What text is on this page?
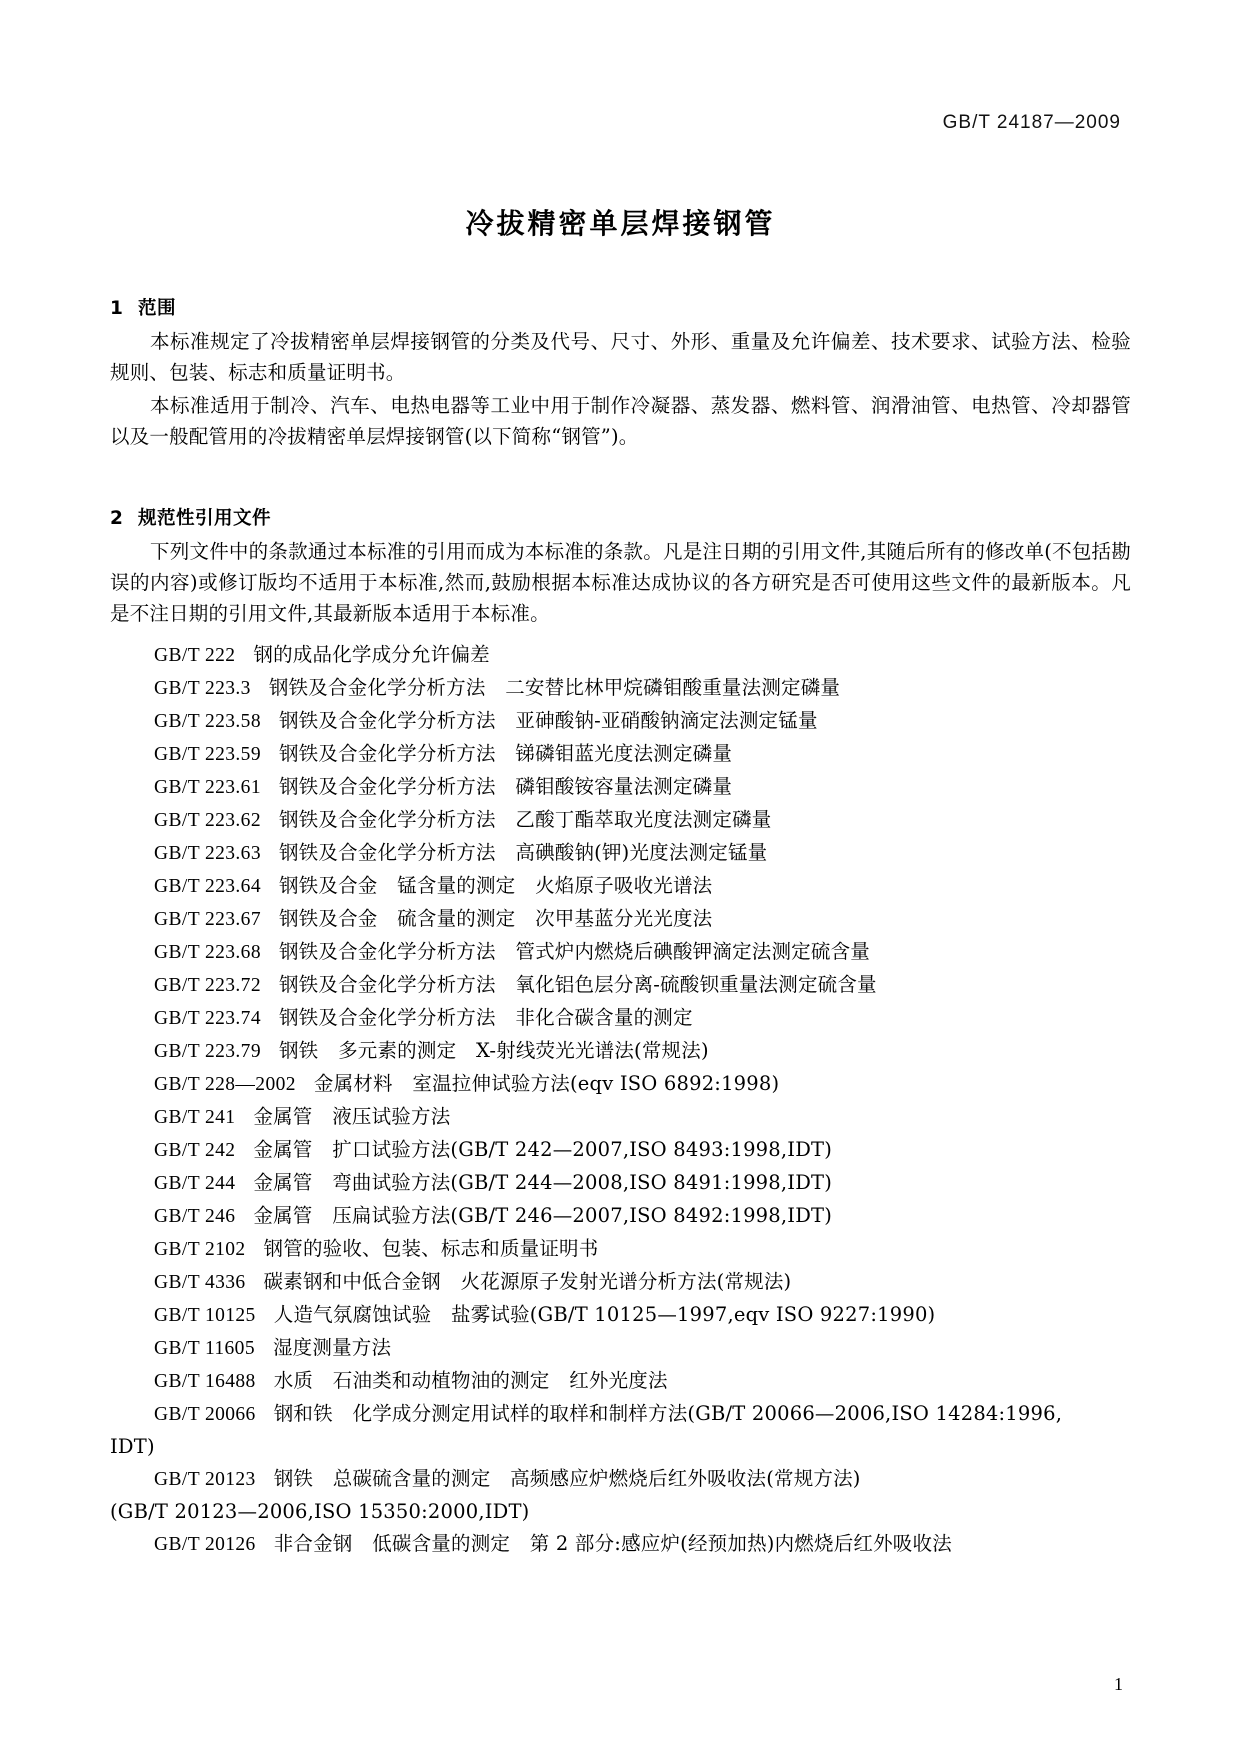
GB/T 24187—2009
冷拔精密单层焊接钢管
1 范围

本标准规定了冷拔精密单层焊接钢管的分类及代号、尺寸、外形、重量及允许偏差、技术要求、试验方法、检验规则、包装、标志和质量证明书。

本标准适用于制冷、汽车、电热电器等工业中用于制作冷凝器、蒸发器、燃料管、润滑油管、电热管、冷却器管以及一般配管用的冷拔精密单层焊接钢管(以下简称“钢管”)。

2 规范性引用文件

下列文件中的条款通过本标准的引用而成为本标准的条款。凡是注日期的引用文件,其随后所有的修改单(不包括勘误的内容)或修订版均不适用于本标准,然而,鼓励根据本标准达成协议的各方研究是否可使用这些文件的最新版本。凡是不注日期的引用文件,其最新版本适用于本标准。

GB/T 222 钢的成品化学成分允许偏差

GB/T 223.3 钢铁及合金化学分析方法　二安替比林甲烷磷钼酸重量法测定磷量

GB/T 223.58 钢铁及合金化学分析方法　亚砷酸钠-亚硝酸钠滴定法测定锰量

GB/T 223.59 钢铁及合金化学分析方法　锑磷钼蓝光度法测定磷量

GB/T 223.61 钢铁及合金化学分析方法　磷钼酸铵容量法测定磷量

GB/T 223.62 钢铁及合金化学分析方法　乙酸丁酯萃取光度法测定磷量

GB/T 223.63 钢铁及合金化学分析方法　高碘酸钠(钾)光度法测定锰量

GB/T 223.64 钢铁及合金　锰含量的测定　火焰原子吸收光谱法

GB/T 223.67 钢铁及合金　硫含量的测定　次甲基蓝分光光度法

GB/T 223.68 钢铁及合金化学分析方法　管式炉内燃烧后碘酸钾滴定法测定硫含量

GB/T 223.72 钢铁及合金化学分析方法　氧化铝色层分离-硫酸钡重量法测定硫含量

GB/T 223.74 钢铁及合金化学分析方法　非化合碳含量的测定

GB/T 223.79 钢铁　多元素的测定　X-射线荧光光谱法(常规法)

GB/T 228—2002 金属材料　室温拉伸试验方法(eqv ISO 6892:1998)

GB/T 241 金属管　液压试验方法

GB/T 242 金属管　扩口试验方法(GB/T 242—2007,ISO 8493:1998,IDT)

GB/T 244 金属管　弯曲试验方法(GB/T 244—2008,ISO 8491:1998,IDT)

GB/T 246 金属管　压扁试验方法(GB/T 246—2007,ISO 8492:1998,IDT)

GB/T 2102 钢管的验收、包装、标志和质量证明书

GB/T 4336 碳素钢和中低合金钢　火花源原子发射光谱分析方法(常规法)

GB/T 10125 人造气氛腐蚀试验　盐雾试验(GB/T 10125—1997,eqv ISO 9227:1990)

GB/T 11605 湿度测量方法

GB/T 16488 水质　石油类和动植物油的测定　红外光度法

GB/T 20066 钢和铁　化学成分测定用试样的取样和制样方法(GB/T 20066—2006,ISO 14284:1996,

IDT)

GB/T 20123 钢铁　总碳硫含量的测定　高频感应炉燃烧后红外吸收法(常规方法)

(GB/T 20123—2006,ISO 15350:2000,IDT)

GB/T 20126 非合金钢　低碳含量的测定　第 2 部分:感应炉(经预加热)内燃烧后红外吸收法

1
